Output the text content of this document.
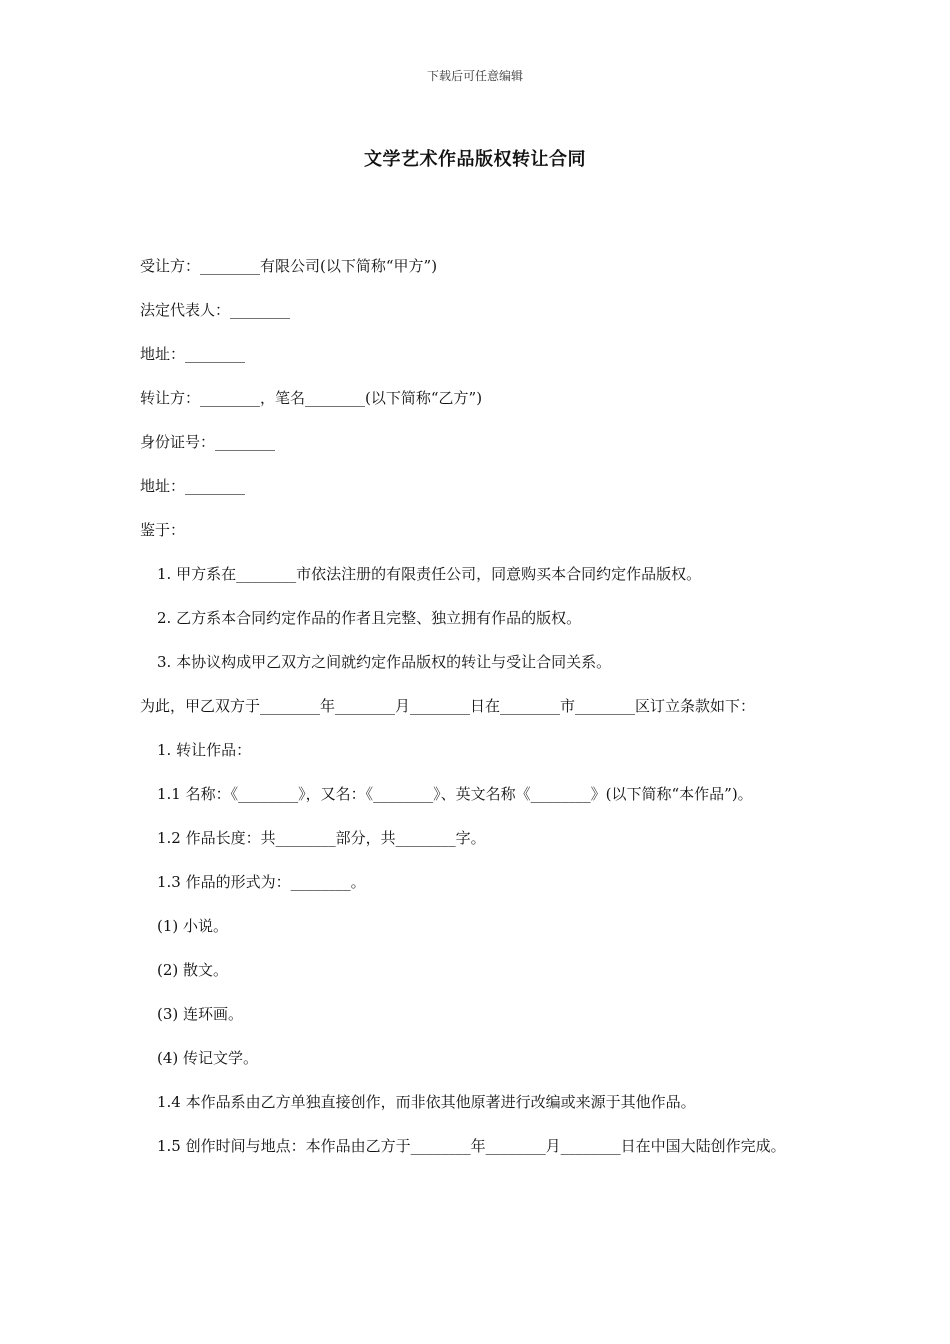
下载后可任意编辑
文学艺术作品版权转让合同

受让方：________有限公司(以下简称“甲方”)

法定代表人：________

地址：________

转让方：________，笔名________(以下简称“乙方”)

身份证号：________

地址：________

鉴于：

1. 甲方系在________市依法注册的有限责任公司，同意购买本合同约定作品版权。

2. 乙方系本合同约定作品的作者且完整、独立拥有作品的版权。

3. 本协议构成甲乙双方之间就约定作品版权的转让与受让合同关系。

为此，甲乙双方于________年________月________日在________市________区订立条款如下：

1. 转让作品：

1.1 名称：《________》，又名：《________》、英文名称《________》(以下简称“本作品”)。

1.2 作品长度：共________部分，共________字。

1.3 作品的形式为：________。

(1) 小说。

(2) 散文。

(3) 连环画。

(4) 传记文学。

1.4 本作品系由乙方单独直接创作，而非依其他原著进行改编或来源于其他作品。

1.5 创作时间与地点：本作品由乙方于________年________月________日在中国大陆创作完成。
